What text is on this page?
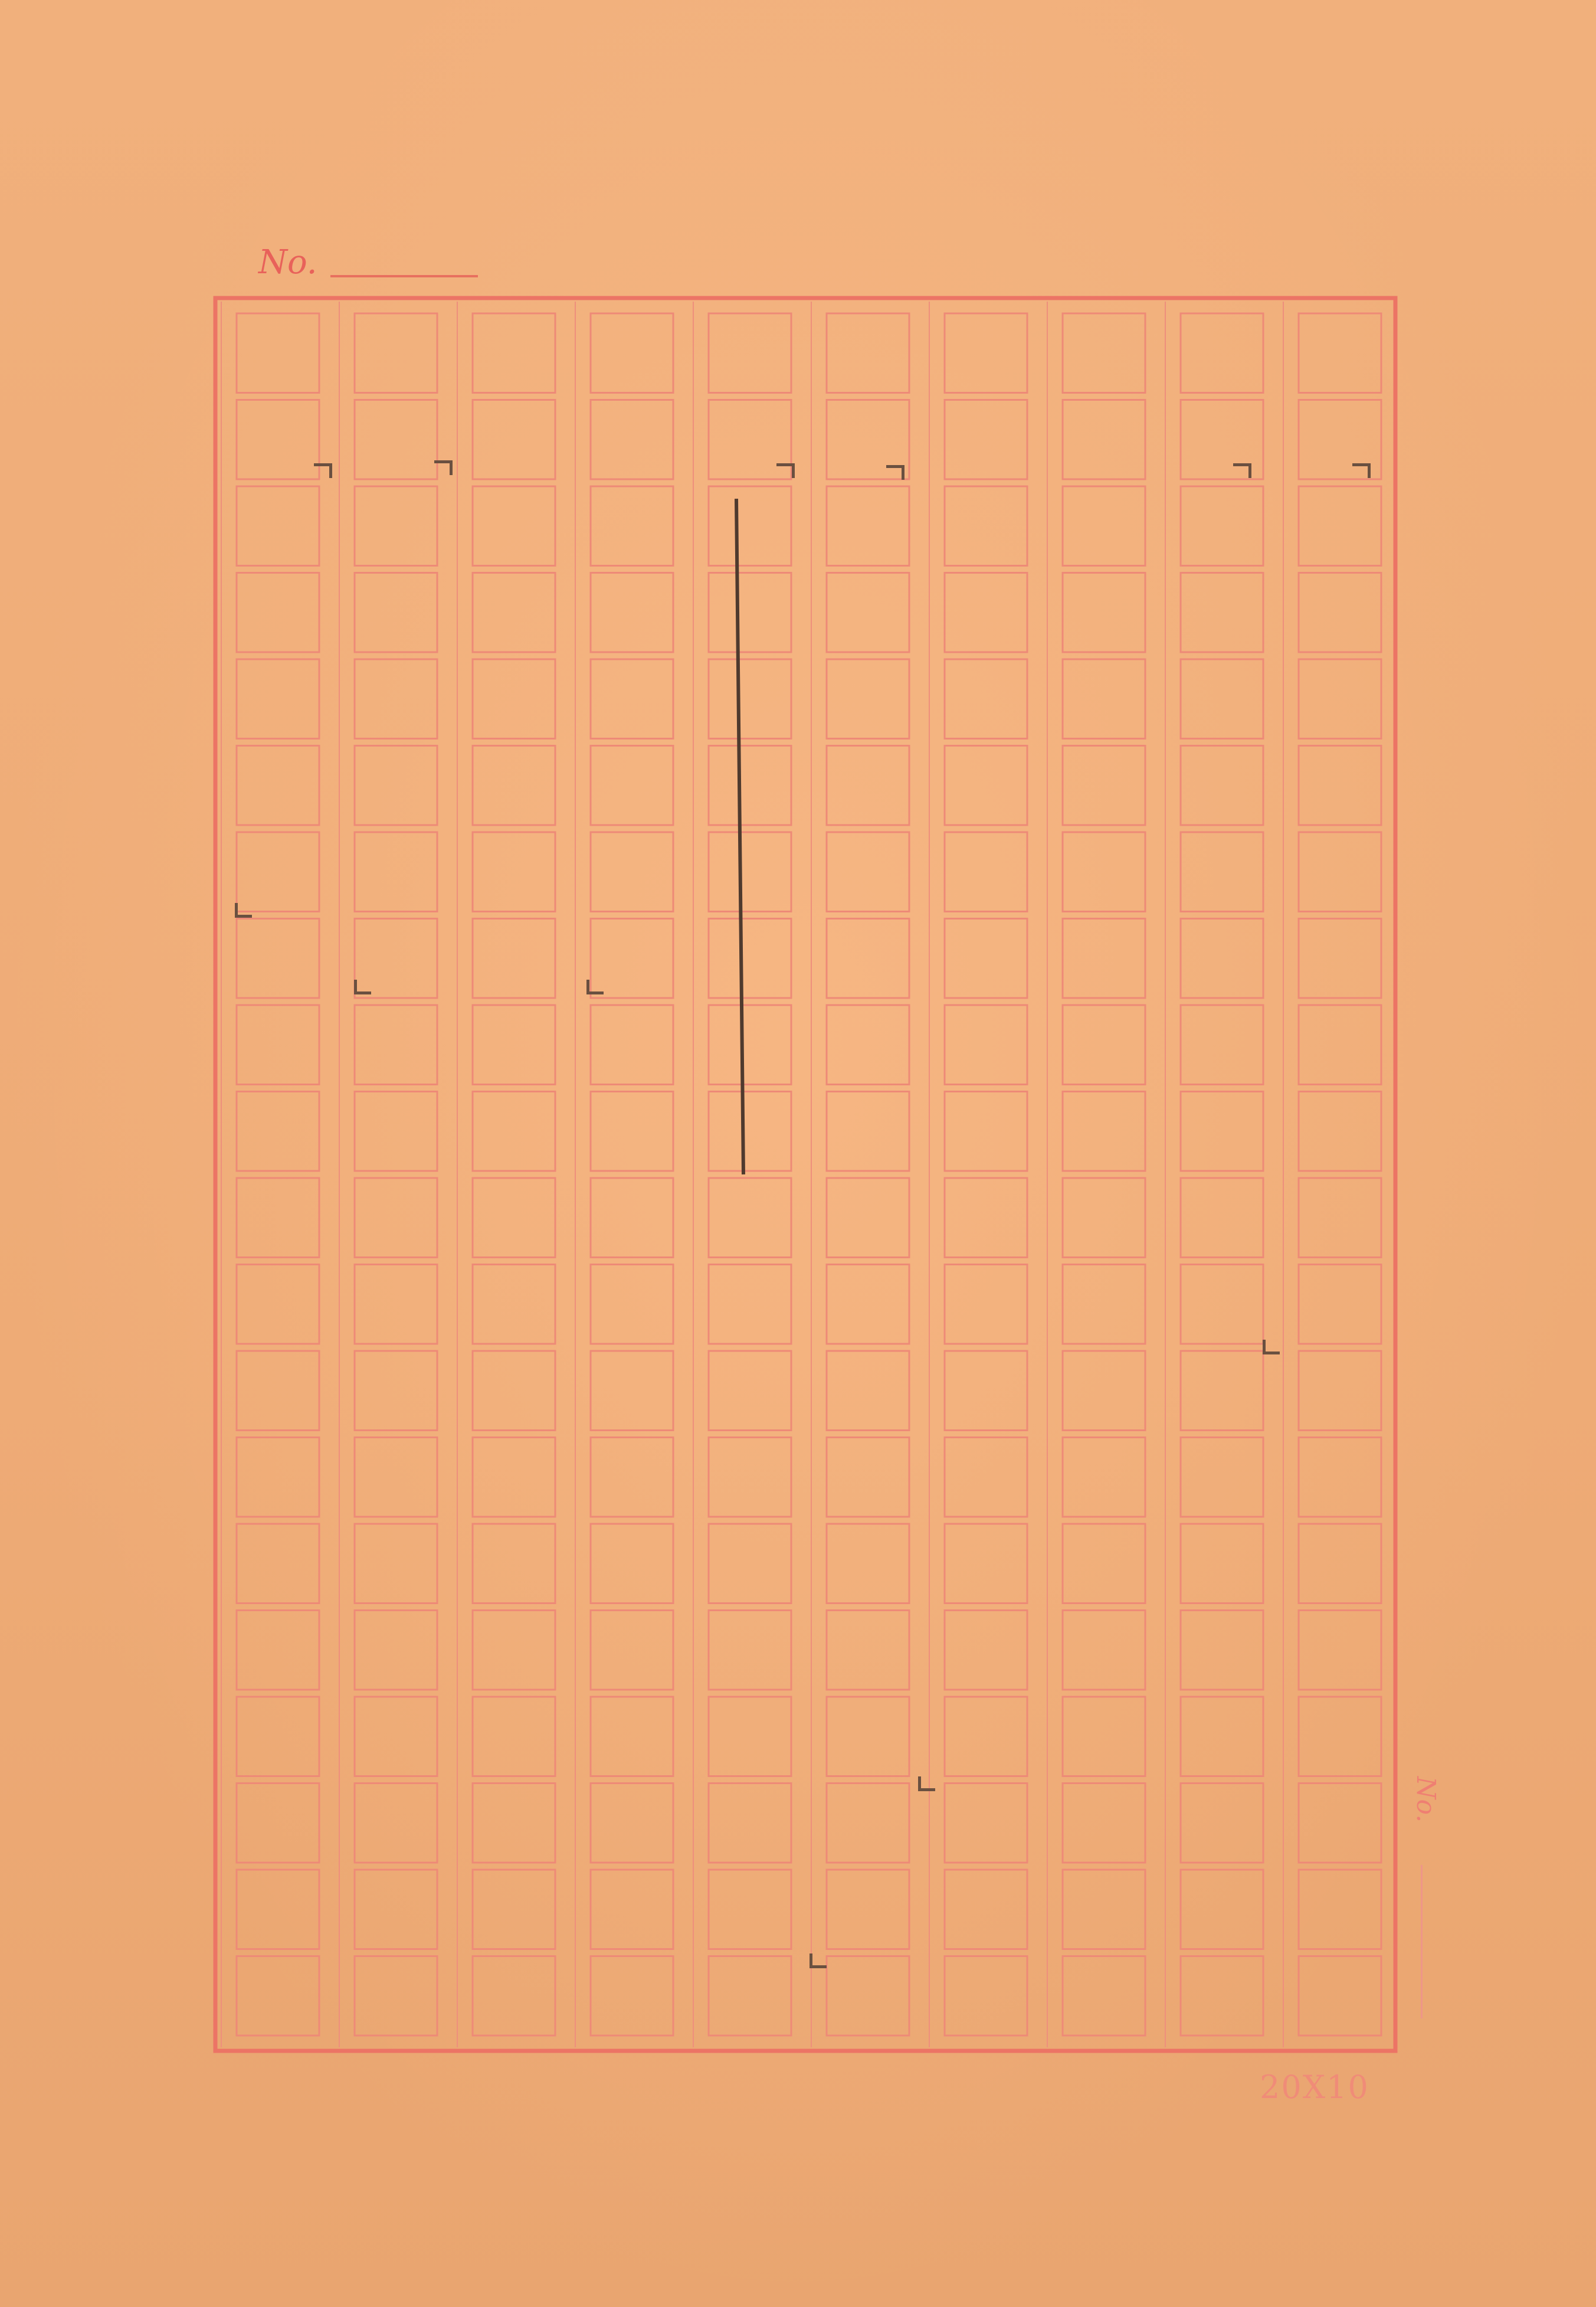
No.
No.
20X10
